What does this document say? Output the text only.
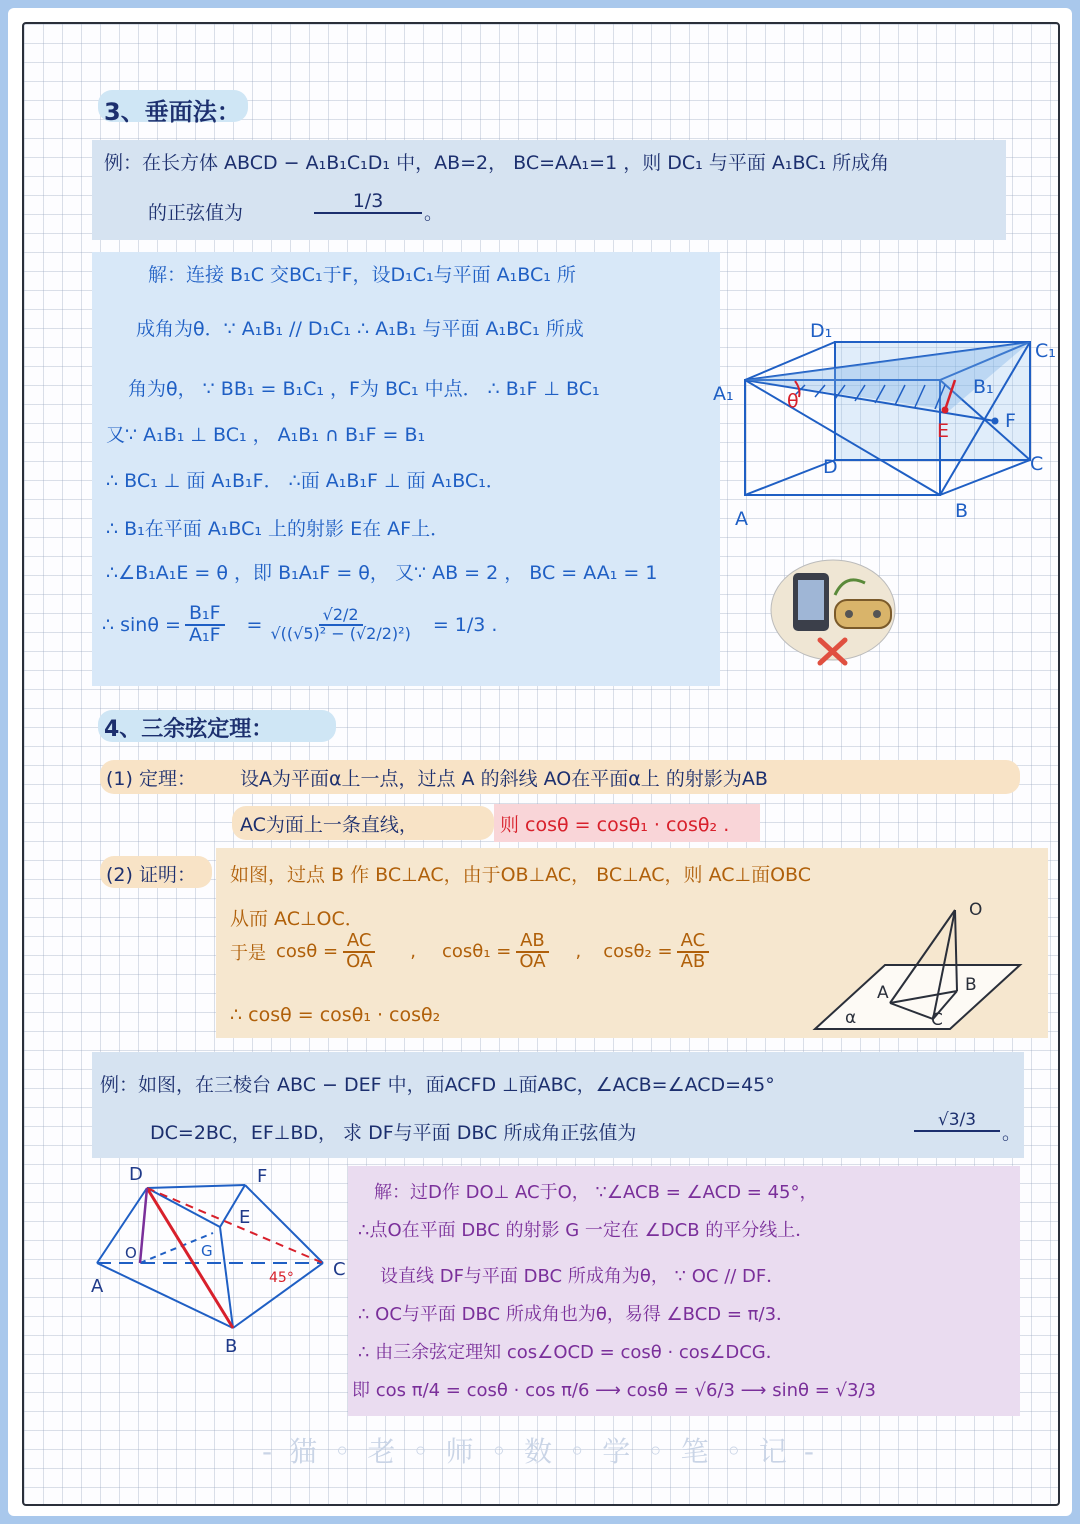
3、垂面法：
例：在长方体 ABCD − A₁B₁C₁D₁ 中，AB=2， BC=AA₁=1 ，则 DC₁ 与平面 A₁BC₁ 所成角
的正弦值为
1/3
。
解：连接 B₁C 交BC₁于F，设D₁C₁与平面 A₁BC₁ 所
成角为θ．∵ A₁B₁ // D₁C₁ ∴ A₁B₁ 与平面 A₁BC₁ 所成
角为θ， ∵ BB₁ = B₁C₁ ，F为 BC₁ 中点． ∴ B₁F ⊥ BC₁
又∵ A₁B₁ ⊥ BC₁ ， A₁B₁ ∩ B₁F = B₁
∴ BC₁ ⊥ 面 A₁B₁F． ∴面 A₁B₁F ⊥ 面 A₁BC₁．
∴ B₁在平面 A₁BC₁ 上的射影 E在 AF上．
∴∠B₁A₁E = θ ，即 B₁A₁F = θ， 又∵ AB = 2 ， BC = AA₁ = 1
∴ $\sin\theta = \frac{\text{B₁F}}{\text{A₁F}} = \frac{√2/2}{\text{√((√5)² − (√2/2)²)}} = 1/3$ .
D₁
C₁
A₁	B₁
θ
E	F
D	C
A	B
4、三余弦定理：
(1) 定理： 设A为平面α上一点，过点 A 的斜线 AO在平面α上 的射影为AB
AC为面上一条直线，	则 cosθ = cosθ₁ · cosθ₂ .
(2) 证明： 如图，过点 B 作 BC⊥AC，由于OB⊥AC， BC⊥AC，则 AC⊥面OBC
从而 AC⊥OC．
于是 $\cos\theta = \frac{AC}{OA}$ , $\cos\theta_1 = \frac{AB}{OA}$ , $\cos\theta_2 = \frac{AC}{AB}$
∴ cosθ = cosθ₁ · cosθ₂
O
A	B
C
α
例：如图，在三棱台 ABC − DEF 中，面ACFD ⊥面ABC，∠ACB=∠ACD=45°
DC=2BC，EF⊥BD， 求 DF与平面 DBC 所成角正弦值为
√3/3
。
D	F
E
O	G
A	45° C
B
解：过D作 DO⊥ AC于O， ∵∠ACB = ∠ACD = 45°，
∴点O在平面 DBC 的射影 G 一定在 ∠DCB 的平分线上．
设直线 DF与平面 DBC 所成角为θ， ∵ OC // DF．
∴ OC与平面 DBC 所成角也为θ，易得 ∠BCD = π/3．
∴ 由三余弦定理知 cos∠OCD = cosθ · cos∠DCG．
即 cos π/4 = cosθ · cos π/6 ⟶ cosθ = √6/3 ⟶ sinθ = √3/3
- 猫 ◦ 老 ◦ 师 ◦ 数 ◦ 学 ◦ 笔 ◦ 记 -
